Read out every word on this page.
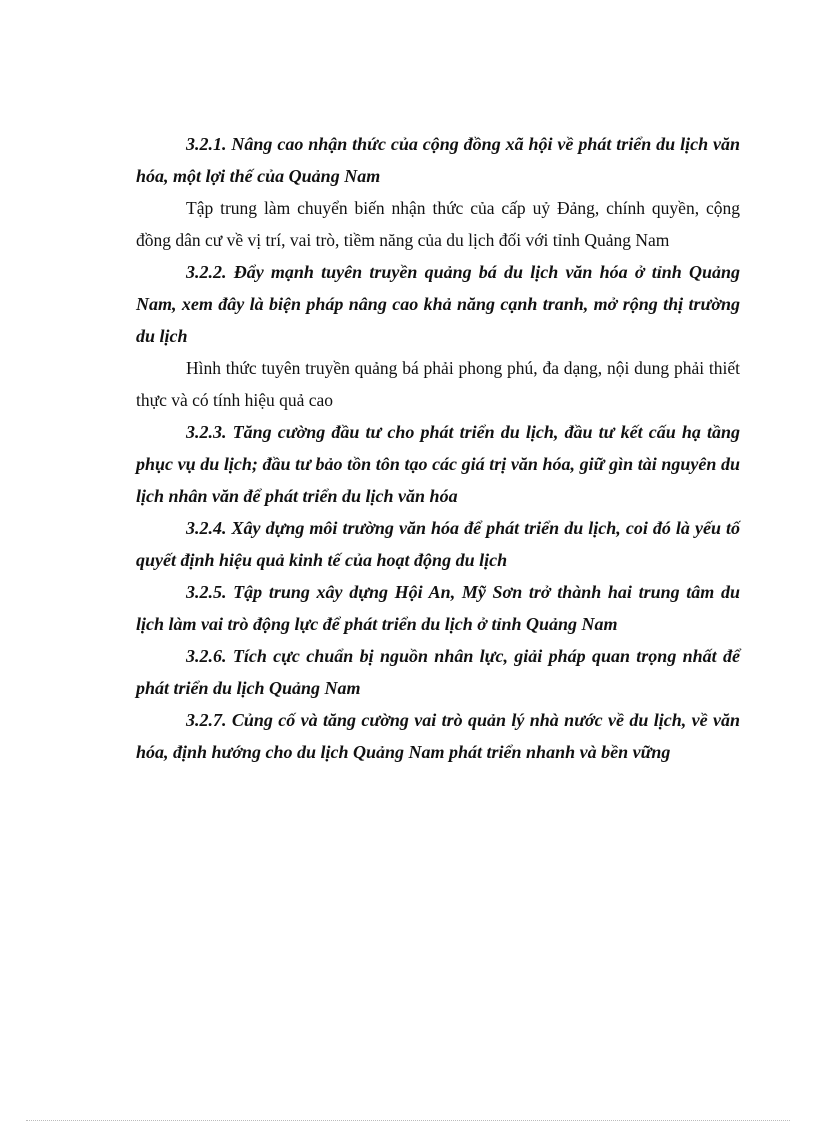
3.2.1. Nâng cao nhận thức của cộng đồng xã hội về phát triển du lịch văn hóa, một lợi thế của Quảng Nam

Tập trung làm chuyển biến nhận thức của cấp uỷ Đảng, chính quyền, cộng đồng dân cư về vị trí, vai trò, tiềm năng của du lịch đối với tỉnh Quảng Nam

3.2.2. Đẩy mạnh tuyên truyền quảng bá du lịch văn hóa ở tỉnh Quảng Nam, xem đây là biện pháp nâng cao khả năng cạnh tranh, mở rộng thị trường du lịch

Hình thức tuyên truyền quảng bá phải phong phú, đa dạng, nội dung phải thiết thực và có tính hiệu quả cao

3.2.3. Tăng cường đầu tư cho phát triển du lịch, đầu tư kết cấu hạ tầng phục vụ du lịch; đầu tư bảo tồn tôn tạo các giá trị văn hóa, giữ gìn tài nguyên du lịch nhân văn để phát triển du lịch văn hóa

3.2.4. Xây dựng môi trường văn hóa để phát triển du lịch, coi đó là yếu tố quyết định hiệu quả kinh tế của hoạt động du lịch

3.2.5. Tập trung xây dựng Hội An, Mỹ Sơn trở thành hai trung tâm du lịch làm vai trò động lực để phát triển du lịch ở tỉnh Quảng Nam

3.2.6. Tích cực chuẩn bị nguồn nhân lực, giải pháp quan trọng nhất để phát triển du lịch Quảng Nam

3.2.7. Củng cố và tăng cường vai trò quản lý nhà nước về du lịch, về văn hóa, định hướng cho du lịch Quảng Nam phát triển nhanh và bền vững
